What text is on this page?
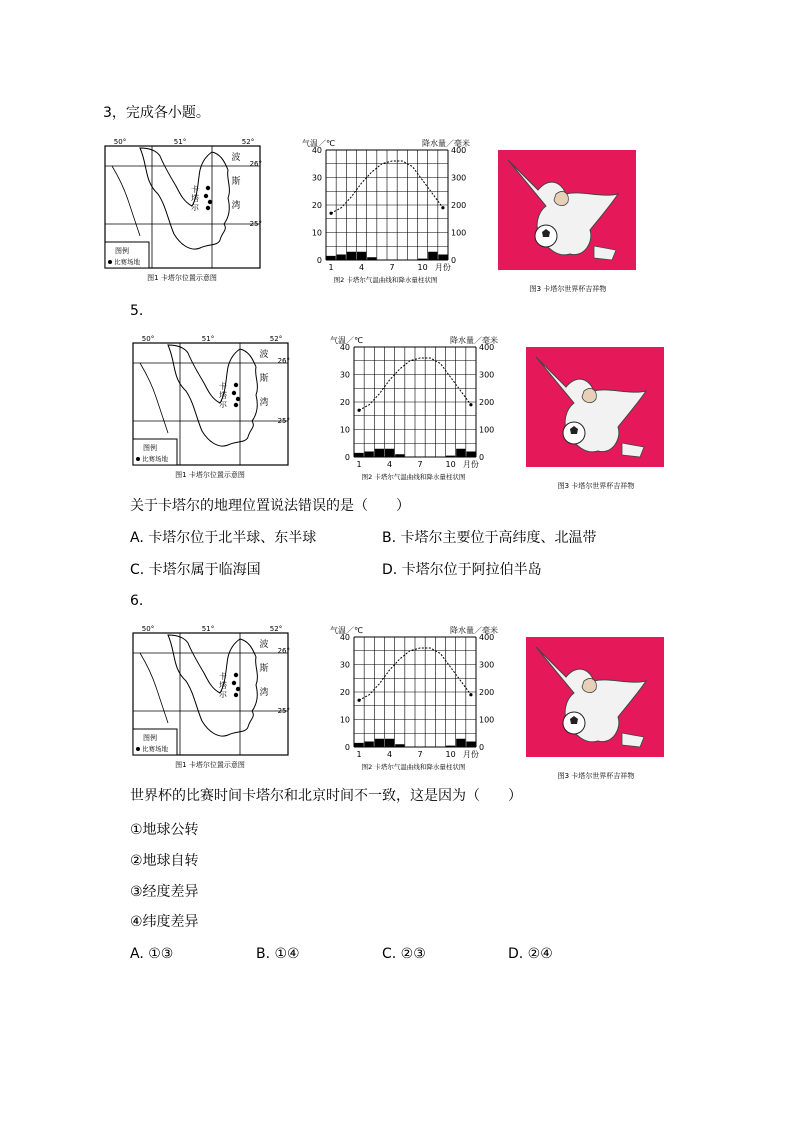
3，完成各小题。
50°	51°	52°
26°
25°
波
斯
湾
卡
塔
尔
图例
比赛场地
图1 卡塔尔位置示意图
气温／℃	降水量／毫米
0
10
20
30
40
0
100
200
300
400
1	4	7	10 月份
图2 卡塔尔气温曲线和降水量柱状图
图3 卡塔尔世界杯吉祥物
5.
50°	51°	52°
26°
25°
波
斯
湾
卡
塔
尔
图例
比赛场地
图1 卡塔尔位置示意图
气温／℃	降水量／毫米
0
10
20
30
40
0
100
200
300
400
1	4	7	10 月份
图2 卡塔尔气温曲线和降水量柱状图
图3 卡塔尔世界杯吉祥物
关于卡塔尔的地理位置说法错误的是（　　）
A. 卡塔尔位于北半球、东半球	B. 卡塔尔主要位于高纬度、北温带
C. 卡塔尔属于临海国	D. 卡塔尔位于阿拉伯半岛
6.
50°	51°	52°
26°
25°
波
斯
湾
卡
塔
尔
图例
比赛场地
图1 卡塔尔位置示意图
气温／℃	降水量／毫米
0
10
20
30
40
0
100
200
300
400
1	4	7	10 月份
图2 卡塔尔气温曲线和降水量柱状图
图3 卡塔尔世界杯吉祥物
世界杯的比赛时间卡塔尔和北京时间不一致，这是因为（　　）
①地球公转
②地球自转
③经度差异
④纬度差异
A. ①③	B. ①④	C. ②③	D. ②④
